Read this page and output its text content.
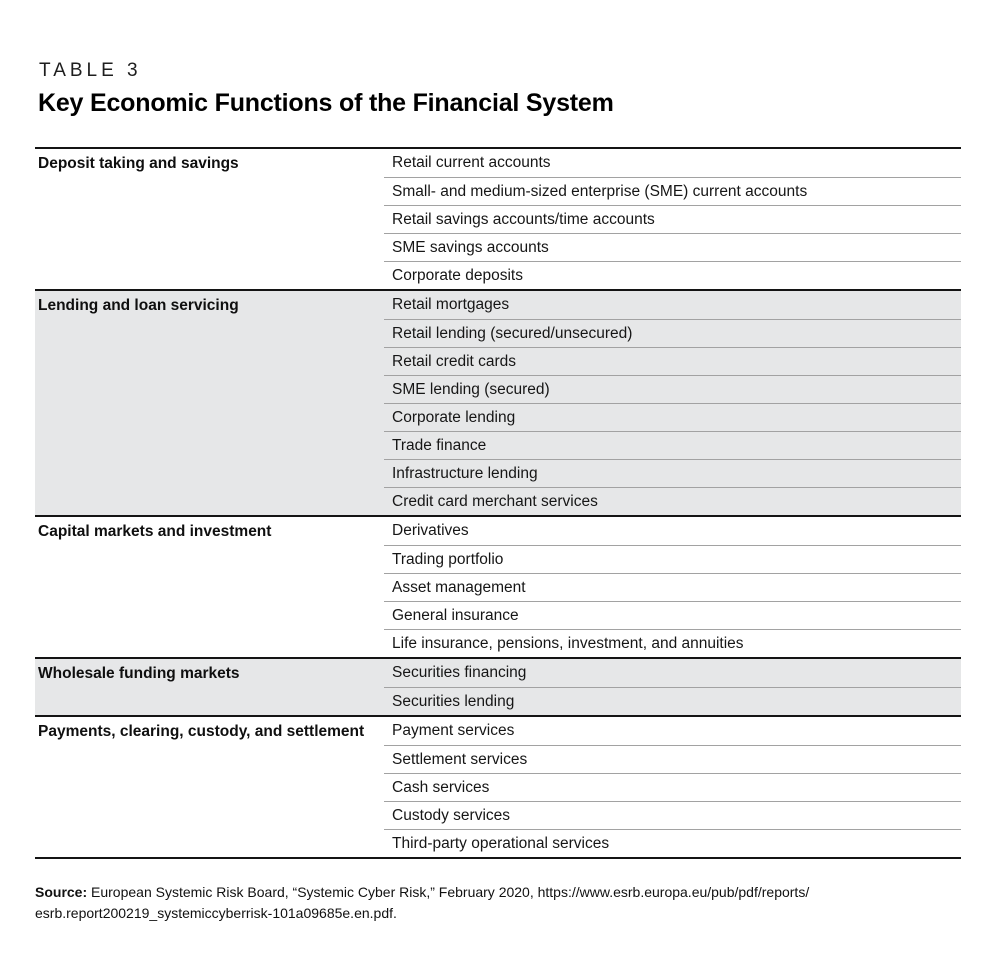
TABLE 3
Key Economic Functions of the Financial System
Deposit taking and savings	Retail current accounts
Small- and medium-sized enterprise (SME) current accounts
Retail savings accounts/time accounts
SME savings accounts
Corporate deposits
Lending and loan servicing	Retail mortgages
Retail lending (secured/unsecured)
Retail credit cards
SME lending (secured)
Corporate lending
Trade finance
Infrastructure lending
Credit card merchant services
Capital markets and investment	Derivatives
Trading portfolio
Asset management
General insurance
Life insurance, pensions, investment, and annuities
Wholesale funding markets	Securities financing
Securities lending
Payments, clearing, custody, and settlement	Payment services
Settlement services
Cash services
Custody services
Third-party operational services
Source: European Systemic Risk Board, “Systemic Cyber Risk,” February 2020, https://www.esrb.europa.eu/pub/pdf/reports/
esrb.report200219_systemiccyberrisk-101a09685e.en.pdf.
